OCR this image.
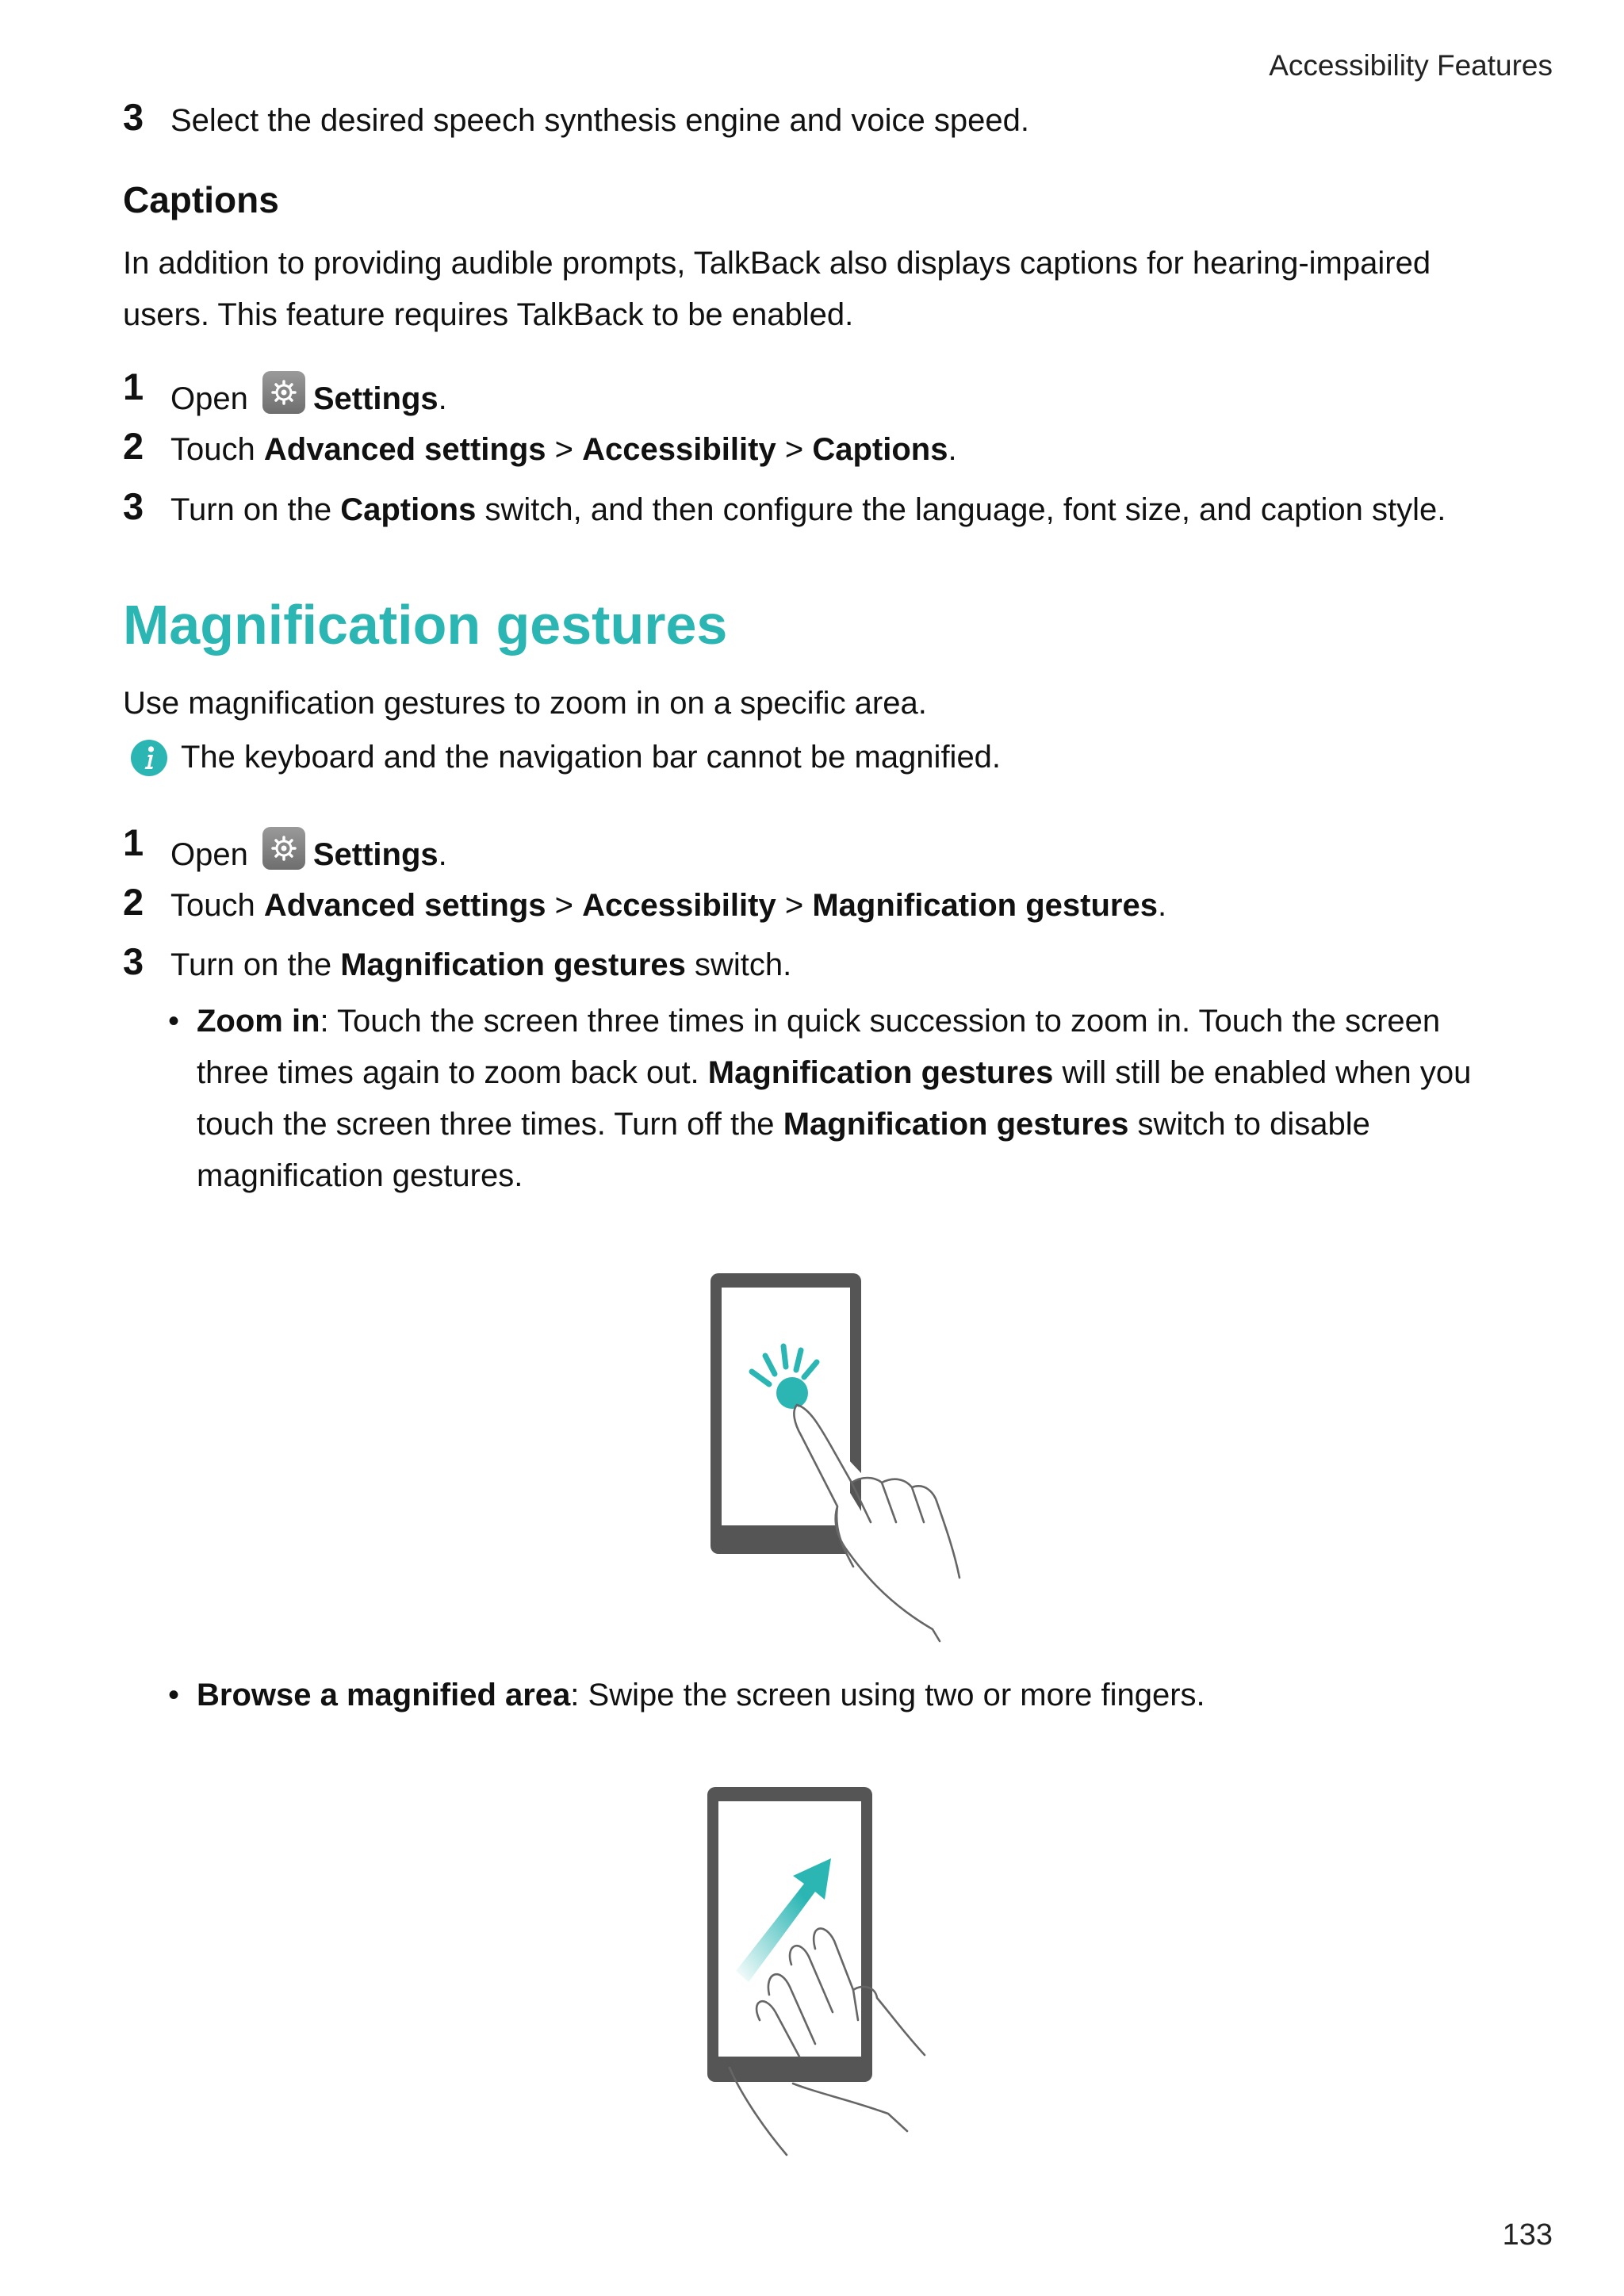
Accessibility Features
3 Select the desired speech synthesis engine and voice speed.
Captions
In addition to providing audible prompts, TalkBack also displays captions for hearing-impaired
users. This feature requires TalkBack to be enabled.
1 Open Settings.
2 Touch Advanced settings > Accessibility > Captions.
3 Turn on the Captions switch, and then configure the language, font size, and caption style.
Magnification gestures
Use magnification gestures to zoom in on a specific area.
The keyboard and the navigation bar cannot be magnified.
1 Open Settings.
2 Touch Advanced settings > Accessibility > Magnification gestures.
3 Turn on the Magnification gestures switch.
• Zoom in: Touch the screen three times in quick succession to zoom in. Touch the screen
three times again to zoom back out. Magnification gestures will still be enabled when you
touch the screen three times. Turn off the Magnification gestures switch to disable
magnification gestures.
• Browse a magnified area: Swipe the screen using two or more fingers.
133
